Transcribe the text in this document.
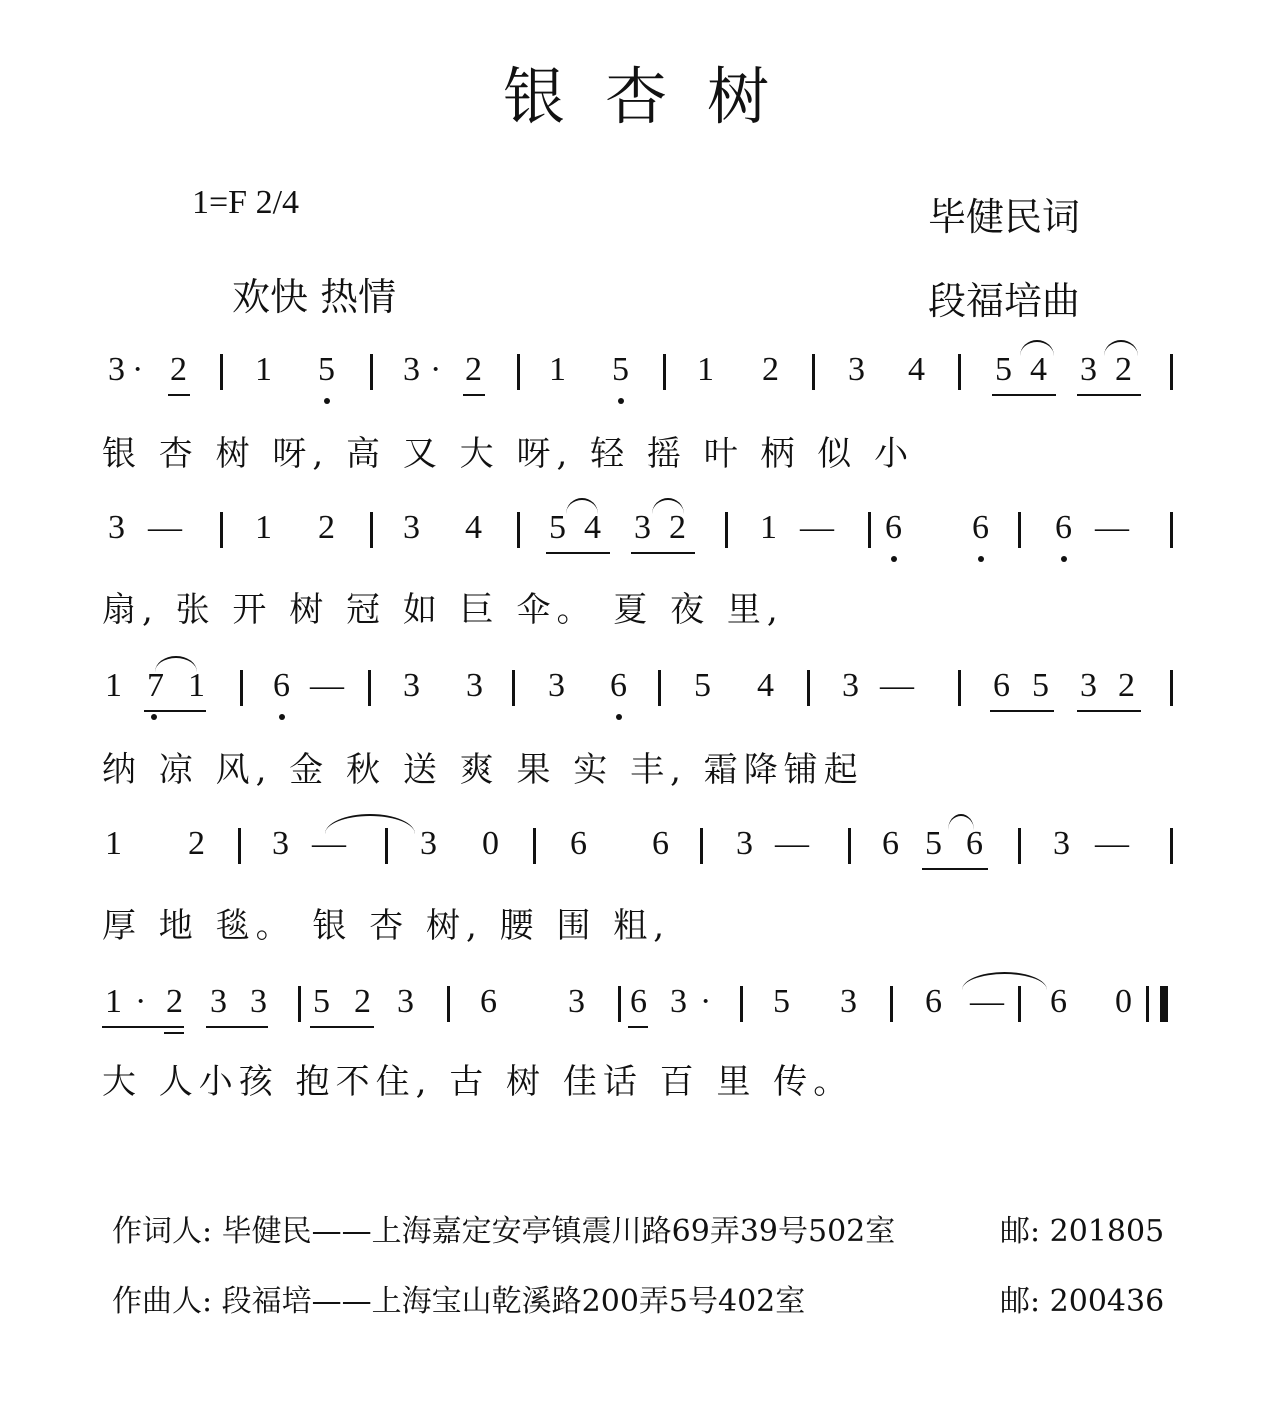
银杏树
1=F 2/4
欢快 热情
毕健民词
段福培曲
3 · 2 1 5 3 · 2 1 5 1 2 3 4 5 4 3 2
银 杏 树 呀, 高 又 大 呀, 轻 摇 叶 柄 似 小
3 — 1 2 3 4 5 4 3 2 1 — 6 6 6 —
扇, 张 开 树 冠 如 巨 伞。 夏 夜 里,
1 7 1 6 — 3 3 3 6 5 4 3 — 6 5 3 2
纳 凉 风, 金 秋 送 爽 果 实 丰, 霜降铺起
1 2 3 — 3 0 6 6 3 — 6 5 6 3 —
厚 地 毯。 银 杏 树, 腰 围 粗,
1 · 2 3 3 5 2 3 6 3 6 3 · 5 3 6 — 6 0
大 人小孩 抱不住, 古 树 佳话 百 里 传。
作词人: 毕健民——上海嘉定安亭镇震川路69弄39号502室	邮: 201805
作曲人: 段福培——上海宝山乾溪路200弄5号402室	邮: 200436
